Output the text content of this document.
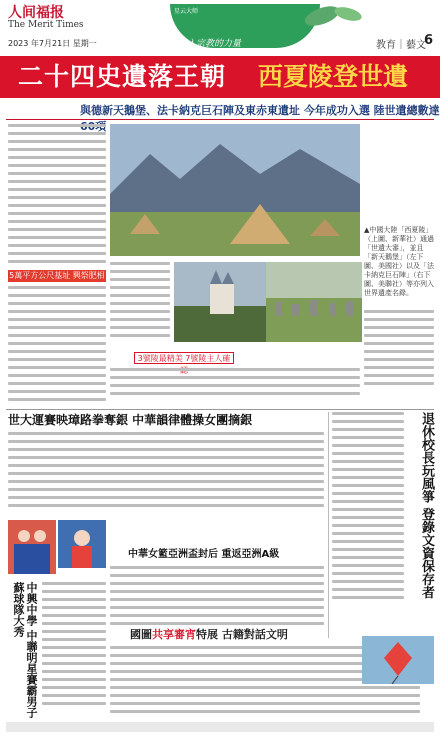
人间福报
The Merit Times
2023 年7月21日 星期一
星云大师
注入宗教的力量	教育｜藝文
6
二十四史遺落王朝	西夏陵登世遺
與德新天鵝堡、法卡納克巨石陣及東赤東遺址 今年成功入選 陸世遺總數達
5萬平方公尺基址 興祭肥相
▲中國大陸「西夏陵」（上圖、新華社）通過「世遺大審」，並且「新天鵝堡」（左下圖、美國社）以及「法卡納克巨石陣」（右下圖、美聯社）等亦列入世界遺產名錄。
3號陵最精美 7號陵主人確
世大運賽映璋路拳奪銀 中華韻律體操女團摘銀
中華女籃亞洲盃封后 重返亞洲A級
國圖共享審宵特展 古籍對話文明
中興中學 中聯明星賽霸男子蘇球隊大秀
退休校長玩風箏 登錄文資保存者
